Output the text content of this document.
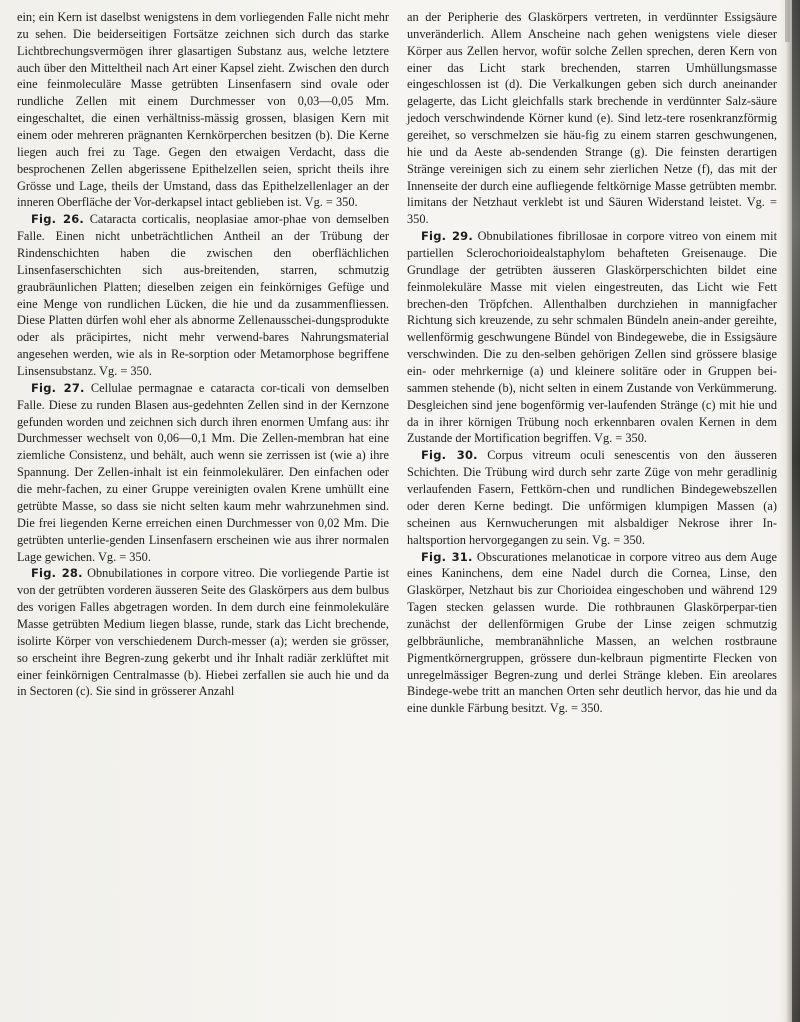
ein; ein Kern ist daselbst wenigstens in dem vorliegenden Falle nicht mehr zu sehen. Die beiderseitigen Fortsätze zeichnen sich durch das starke Lichtbrechungsvermögen ihrer glasartigen Substanz aus, welche letztere auch über den Mitteltheil nach Art einer Kapsel zieht. Zwischen den durch eine feinmoleculäre Masse getrübten Linsenfasern sind ovale oder rundliche Zellen mit einem Durchmesser von 0,03—0,05 Mm. eingeschaltet, die einen verhältniss-mässig grossen, blasigen Kern mit einem oder mehreren prägnanten Kernkörperchen besitzen (b). Die Kerne liegen auch frei zu Tage. Gegen den etwaigen Verdacht, dass die besprochenen Zellen abgerissene Epithelzellen seien, spricht theils ihre Grösse und Lage, theils der Umstand, dass das Epithelzellenlager an der inneren Oberfläche der Vor-derkapsel intact geblieben ist. Vg. = 350.

Fig. 26. Cataracta corticalis, neoplasiae amor-phae von demselben Falle. Einen nicht unbeträchtlichen Antheil an der Trübung der Rindenschichten haben die zwischen den oberflächlichen Linsenfaserschichten sich aus-breitenden, starren, schmutzig graubräunlichen Platten; dieselben zeigen ein feinkörniges Gefüge und eine Menge von rundlichen Lücken, die hie und da zusammenfliessen. Diese Platten dürfen wohl eher als abnorme Zellenausschei-dungsprodukte oder als präcipirtes, nicht mehr verwend-bares Nahrungsmaterial angesehen werden, wie als in Re-sorption oder Metamorphose begriffene Linsensubstanz. Vg. = 350.

Fig. 27. Cellulae permagnae e cataracta cor-ticali von demselben Falle. Diese zu runden Blasen aus-gedehnten Zellen sind in der Kernzone gefunden worden und zeichnen sich durch ihren enormen Umfang aus: ihr Durchmesser wechselt von 0,06—0,1 Mm. Die Zellen-membran hat eine ziemliche Consistenz, und behält, auch wenn sie zerrissen ist (wie a) ihre Spannung. Der Zellen-inhalt ist ein feinmolekulärer. Den einfachen oder die mehr-fachen, zu einer Gruppe vereinigten ovalen Krene umhüllt eine getrübte Masse, so dass sie nicht selten kaum mehr wahrzunehmen sind. Die frei liegenden Kerne erreichen einen Durchmesser von 0,02 Mm. Die getrübten unterlie-genden Linsenfasern erscheinen wie aus ihrer normalen Lage gewichen. Vg. = 350.

Fig. 28. Obnubilationes in corpore vitreo. Die vorliegende Partie ist von der getrübten vorderen äusseren Seite des Glaskörpers aus dem bulbus des vorigen Falles abgetragen worden. In dem durch eine feinmolekuläre Masse getrübten Medium liegen blasse, runde, stark das Licht brechende, isolirte Körper von verschiedenem Durch-messer (a); werden sie grösser, so erscheint ihre Begren-zung gekerbt und ihr Inhalt radiär zerklüftet mit einer feinkörnigen Centralmasse (b). Hiebei zerfallen sie auch hie und da in Sectoren (c). Sie sind in grösserer Anzahl

an der Peripherie des Glaskörpers vertreten, in verdünnter Essigsäure unveränderlich. Allem Anscheine nach gehen wenigstens viele dieser Körper aus Zellen hervor, wofür solche Zellen sprechen, deren Kern von einer das Licht stark brechenden, starren Umhüllungsmasse eingeschlossen ist (d). Die Verkalkungen geben sich durch aneinander gelagerte, das Licht gleichfalls stark brechende in verdünnter Salz-säure jedoch verschwindende Körner kund (e). Sind letz-tere rosenkranzförmig gereihet, so verschmelzen sie häu-fig zu einem starren geschwungenen, hie und da Aeste ab-sendenden Strange (g). Die feinsten derartigen Stränge vereinigen sich zu einem sehr zierlichen Netze (f), das mit der Innenseite der durch eine aufliegende feltkörnige Masse getrübten membr. limitans der Netzhaut verklebt ist und Säuren Widerstand leistet. Vg. = 350.

Fig. 29. Obnubilationes fibrillosae in corpore vitreo von einem mit partiellen Sclerochorioidealstaphylom behafteten Greisenauge. Die Grundlage der getrübten äusseren Glaskörperschichten bildet eine feinmolekuläre Masse mit vielen eingestreuten, das Licht wie Fett brechen-den Tröpfchen. Allenthalben durchziehen in mannigfacher Richtung sich kreuzende, zu sehr schmalen Bündeln anein-ander gereihte, wellenförmig geschwungene Bündel von Bindegewebe, die in Essigsäure verschwinden. Die zu den-selben gehörigen Zellen sind grössere blasige ein- oder mehrkernige (a) und kleinere solitäre oder in Gruppen bei-sammen stehende (b), nicht selten in einem Zustande von Verkümmerung. Desgleichen sind jene bogenförmig ver-laufenden Stränge (c) mit hie und da in ihrer körnigen Trübung noch erkennbaren ovalen Kernen in dem Zustande der Mortification begriffen. Vg. = 350.

Fig. 30. Corpus vitreum oculi senescentis von den äusseren Schichten. Die Trübung wird durch sehr zarte Züge von mehr geradlinig verlaufenden Fasern, Fettkörn-chen und rundlichen Bindegewebszellen oder deren Kerne bedingt. Die unförmigen klumpigen Massen (a) scheinen aus Kernwucherungen mit alsbaldiger Nekrose ihrer In-haltsportion hervorgegangen zu sein. Vg. = 350.

Fig. 31. Obscurationes melanoticae in corpore vitreo aus dem Auge eines Kaninchens, dem eine Nadel durch die Cornea, Linse, den Glaskörper, Netzhaut bis zur Chorioidea eingeschoben und während 129 Tagen stecken gelassen wurde. Die rothbraunen Glaskörperpar-tien zunächst der dellenförmigen Grube der Linse zeigen schmutzig gelbbräunliche, membranähnliche Massen, an welchen rostbraune Pigmentkörnergruppen, grössere dun-kelbraun pigmentirte Flecken von unregelmässiger Begren-zung und derlei Stränge kleben. Ein areolares Bindege-webe tritt an manchen Orten sehr deutlich hervor, das hie und da eine dunkle Färbung besitzt. Vg. = 350.
